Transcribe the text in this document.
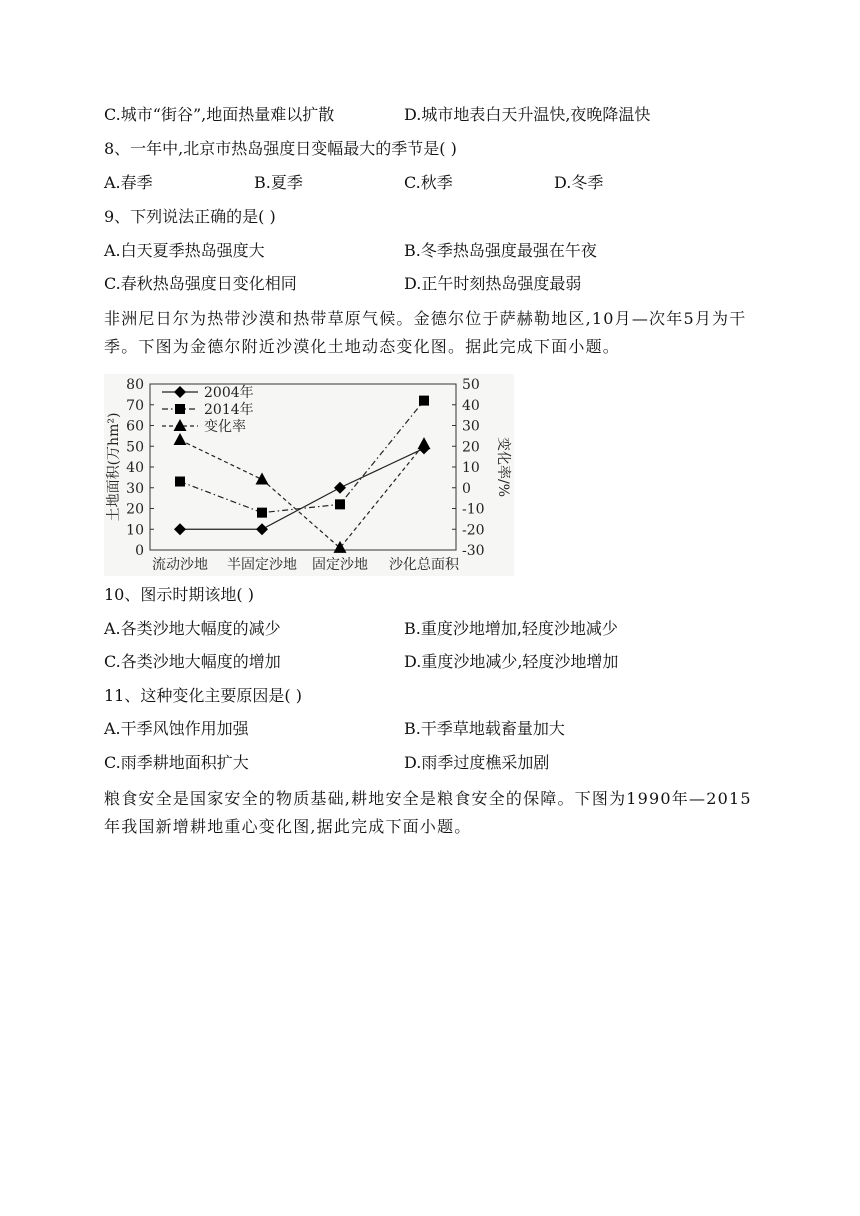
C.城市“街谷”,地面热量难以扩散	D.城市地表白天升温快,夜晚降温快
8、一年中,北京市热岛强度日变幅最大的季节是( )
A.春季	B.夏季	C.秋季	D.冬季
9、下列说法正确的是( )
A.白天夏季热岛强度大	B.冬季热岛强度最强在午夜
C.春秋热岛强度日变化相同	D.正午时刻热岛强度最弱
非洲尼日尔为热带沙漠和热带草原气候。金德尔位于萨赫勒地区,10月—次年5月为干
季。下图为金德尔附近沙漠化土地动态变化图。据此完成下面小题。
0
10
20
30
40
50
60
70
80
-30
-20
-10
0
10
20
30
40
50
流动沙地 半固定沙地 固定沙地 沙化总面积
土地面积(万hm²)	变化率/%
2004年
2014年
变化率
10、图示时期该地( )
A.各类沙地大幅度的减少	B.重度沙地增加,轻度沙地减少
C.各类沙地大幅度的增加	D.重度沙地减少,轻度沙地增加
11、这种变化主要原因是( )
A.干季风蚀作用加强	B.干季草地载畜量加大
C.雨季耕地面积扩大	D.雨季过度樵采加剧
粮食安全是国家安全的物质基础,耕地安全是粮食安全的保障。下图为1990年—2015
年我国新增耕地重心变化图,据此完成下面小题。
